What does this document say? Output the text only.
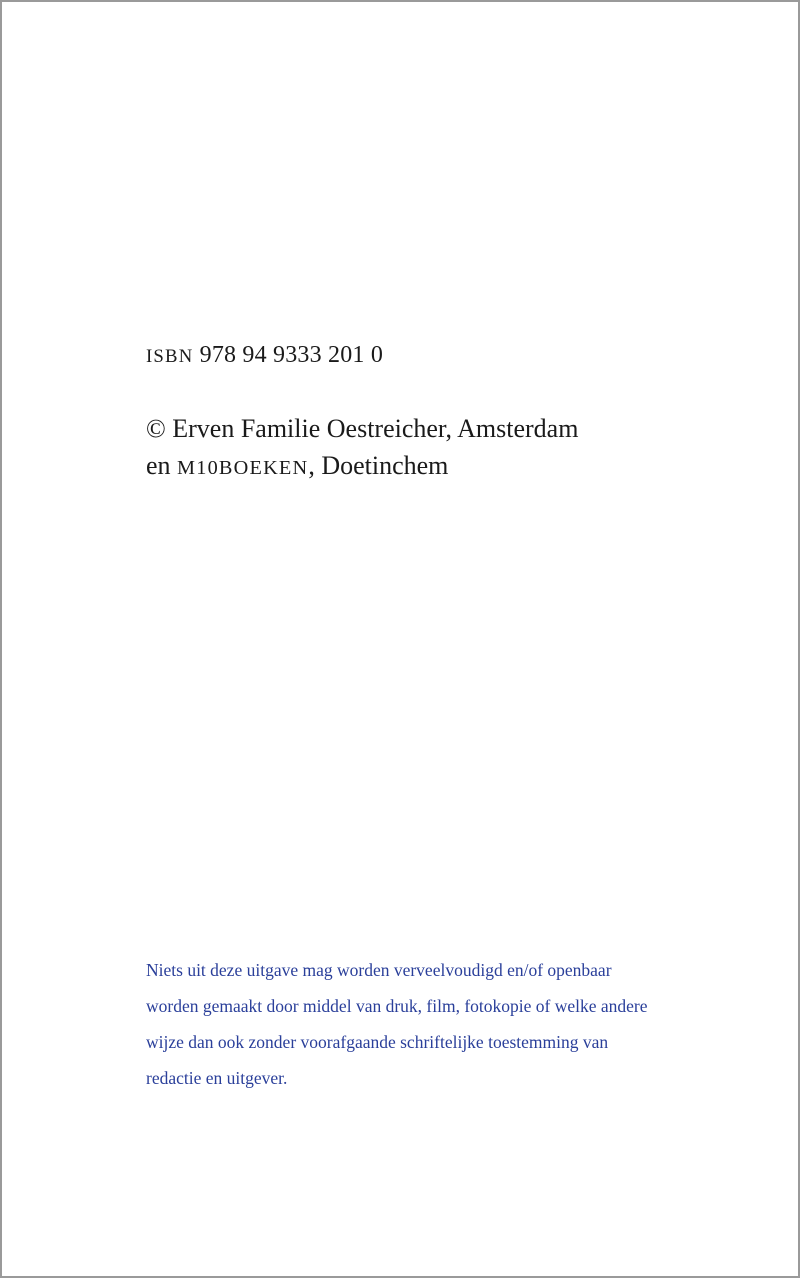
ISBN 978 94 9333 201 0
© Erven Familie Oestreicher, Amsterdam
en M10BOEKEN, Doetinchem
Niets uit deze uitgave mag worden verveelvoudigd en/of openbaar
worden gemaakt door middel van druk, film, fotokopie of welke andere
wijze dan ook zonder voorafgaande schriftelijke toestemming van
redactie en uitgever.
